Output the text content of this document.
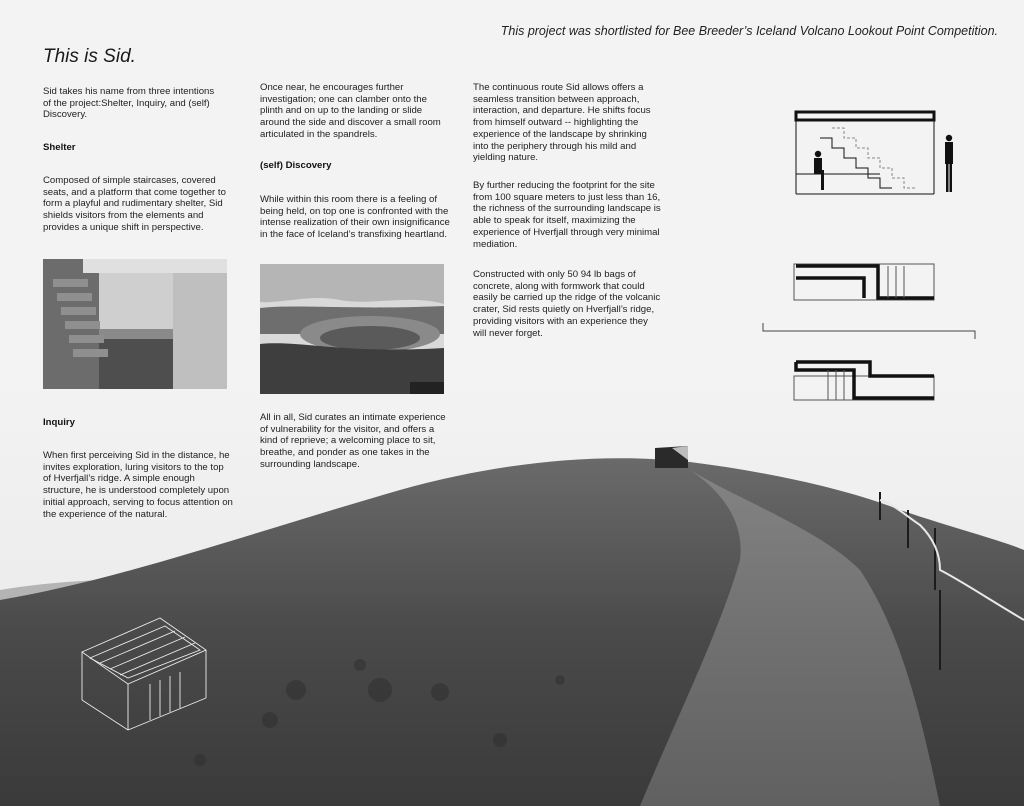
This project was shortlisted for Bee Breeder’s Iceland Volcano Lookout Point Competition.
This is Sid.

Sid takes his name from three intentions of the project:Shelter, Inquiry, and (self) Discovery.

Shelter

Composed of simple staircases, covered seats, and a platform that come together to form a playful and rudimentary shelter, Sid shields visitors from the elements and provides a unique shift in perspective.

Inquiry

When first perceiving Sid in the distance, he invites exploration, luring visitors to the top of Hverfjall’s ridge. A simple enough structure, he is understood completely upon initial approach, serving to focus attention on the experience of the natural.

Once near, he encourages further investigation; one can clamber onto the plinth and on up to the landing or slide around the side and discover a small room articulated in the spandrels.

(self) Discovery

While within this room there is a feeling of being held, on top one is confronted with the intense realization of their own insignificance in the face of Iceland’s transfixing heartland.

All in all, Sid curates an intimate experience of vulnerability for the visitor, and offers a kind of reprieve; a welcoming place to sit, breathe, and ponder as one takes in the surrounding landscape.

The continuous route Sid allows offers a seamless transition between approach, interaction, and departure. He shifts focus from himself outward -- highlighting the experience of the landscape by shrinking into the periphery through his mild and yielding nature.

By further reducing the footprint for the site from 100 square meters to just less than 16, the richness of the surrounding landscape is able to speak for itself, maximizing the experience of Hverfjall through very minimal mediation.

Constructed with only 50 94 lb bags of concrete, along with formwork that could easily be carried up the ridge of the volcanic crater, Sid rests quietly on Hverfjall’s ridge, providing visitors with an experience they will never forget.
